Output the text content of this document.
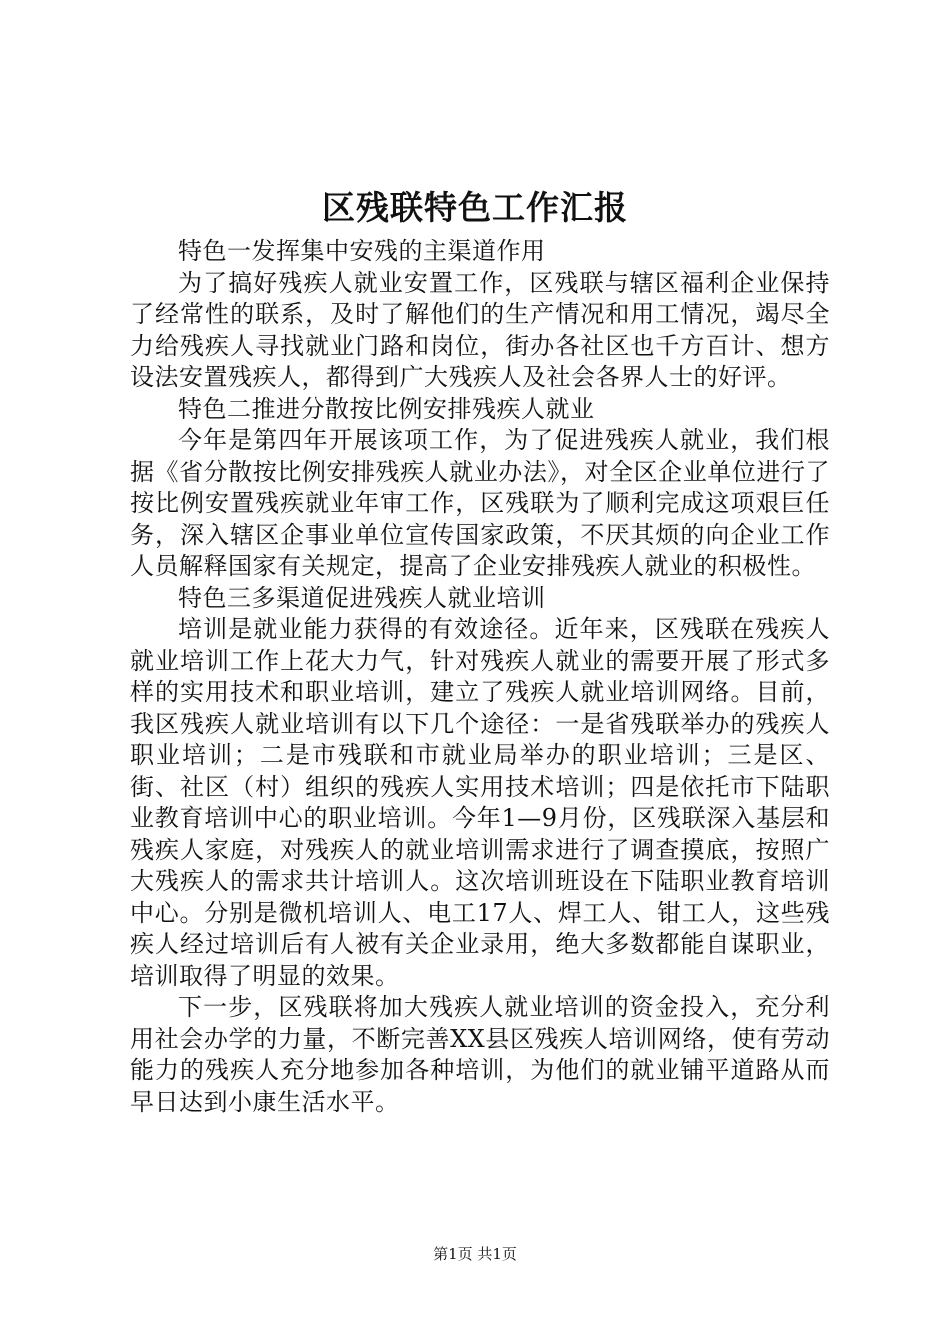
区残联特色工作汇报

特色一发挥集中安残的主渠道作用

为了搞好残疾人就业安置工作，区残联与辖区福利企业保持了经常性的联系，及时了解他们的生产情况和用工情况，竭尽全力给残疾人寻找就业门路和岗位，街办各社区也千方百计、想方设法安置残疾人，都得到广大残疾人及社会各界人士的好评。

特色二推进分散按比例安排残疾人就业

今年是第四年开展该项工作，为了促进残疾人就业，我们根据《省分散按比例安排残疾人就业办法》，对全区企业单位进行了按比例安置残疾就业年审工作，区残联为了顺利完成这项艰巨任务，深入辖区企事业单位宣传国家政策，不厌其烦的向企业工作人员解释国家有关规定，提高了企业安排残疾人就业的积极性。

特色三多渠道促进残疾人就业培训

培训是就业能力获得的有效途径。近年来，区残联在残疾人就业培训工作上花大力气，针对残疾人就业的需要开展了形式多样的实用技术和职业培训，建立了残疾人就业培训网络。目前，我区残疾人就业培训有以下几个途径：一是省残联举办的残疾人职业培训；二是市残联和市就业局举办的职业培训；三是区、街、社区（村）组织的残疾人实用技术培训；四是依托市下陆职业教育培训中心的职业培训。今年1—9月份，区残联深入基层和残疾人家庭，对残疾人的就业培训需求进行了调查摸底，按照广大残疾人的需求共计培训人。这次培训班设在下陆职业教育培训中心。分别是微机培训人、电工17人、焊工人、钳工人，这些残疾人经过培训后有人被有关企业录用，绝大多数都能自谋职业，培训取得了明显的效果。

下一步，区残联将加大残疾人就业培训的资金投入，充分利用社会办学的力量，不断完善XX县区残疾人培训网络，使有劳动能力的残疾人充分地参加各种培训，为他们的就业铺平道路从而早日达到小康生活水平。

第1页 共1页
